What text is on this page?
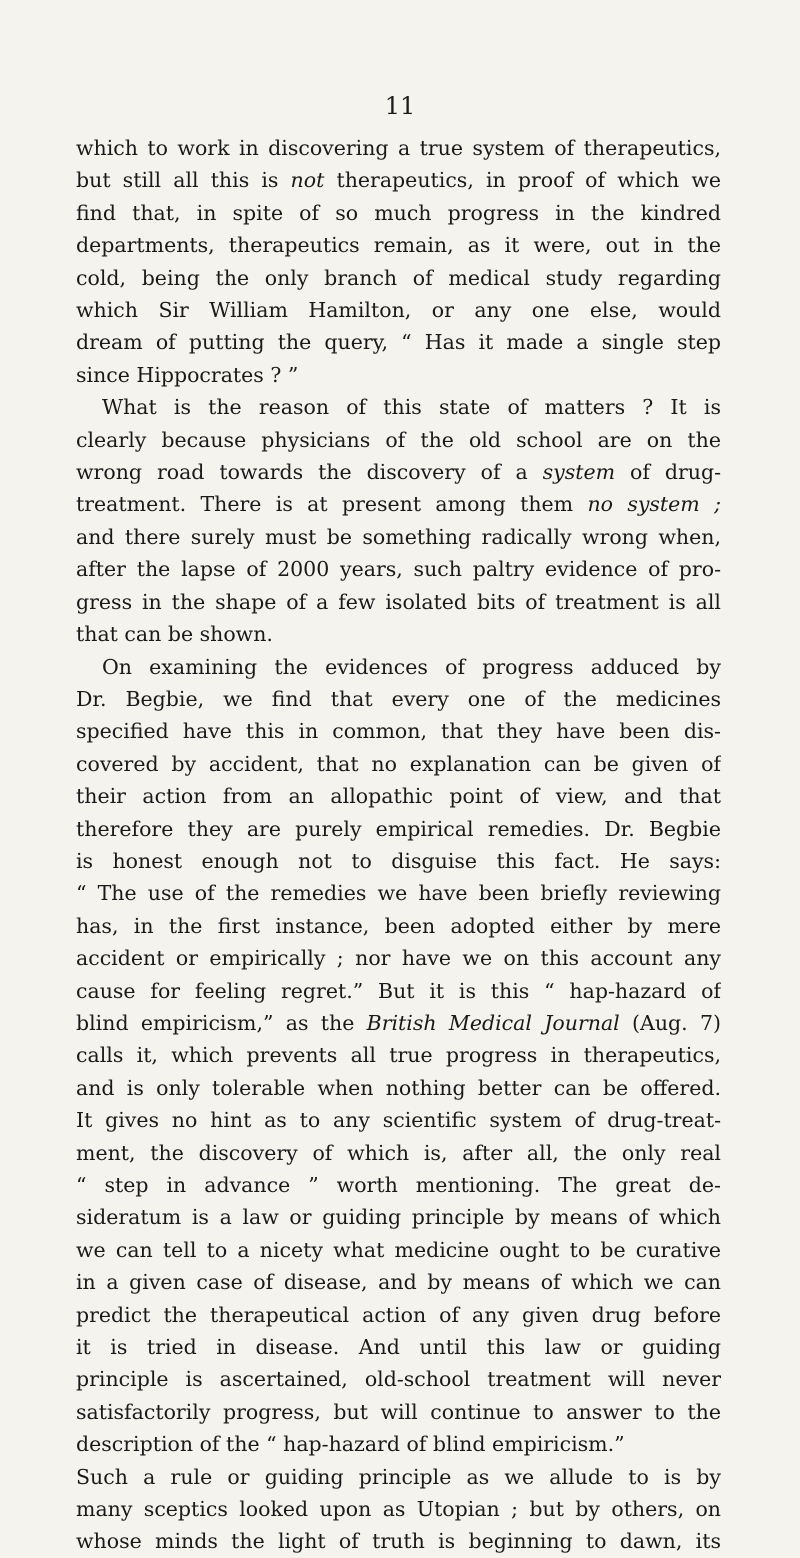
11
which to work in discovering a true system of therapeutics,
but still all this is not therapeutics, in proof of which we
find that, in spite of so much progress in the kindred
departments, therapeutics remain, as it were, out in the
cold, being the only branch of medical study regarding
which Sir William Hamilton, or any one else, would
dream of putting the query, “ Has it made a single step
since Hippocrates ? ”
What is the reason of this state of matters ? It is
clearly because physicians of the old school are on the
wrong road towards the discovery of a system of drug-
treatment. There is at present among them no system ;
and there surely must be something radically wrong when,
after the lapse of 2000 years, such paltry evidence of pro-
gress in the shape of a few isolated bits of treatment is all
that can be shown.
On examining the evidences of progress adduced by
Dr. Begbie, we find that every one of the medicines
specified have this in common, that they have been dis-
covered by accident, that no explanation can be given of
their action from an allopathic point of view, and that
therefore they are purely empirical remedies. Dr. Begbie
is honest enough not to disguise this fact. He says:
“ The use of the remedies we have been briefly reviewing
has, in the first instance, been adopted either by mere
accident or empirically ; nor have we on this account any
cause for feeling regret.” But it is this “ hap-hazard of
blind empiricism,” as the British Medical Journal (Aug. 7)
calls it, which prevents all true progress in therapeutics,
and is only tolerable when nothing better can be offered.
It gives no hint as to any scientific system of drug-treat-
ment, the discovery of which is, after all, the only real
“ step in advance ” worth mentioning. The great de-
sideratum is a law or guiding principle by means of which
we can tell to a nicety what medicine ought to be curative
in a given case of disease, and by means of which we can
predict the therapeutical action of any given drug before
it is tried in disease. And until this law or guiding
principle is ascertained, old-school treatment will never
satisfactorily progress, but will continue to answer to the
description of the “ hap-hazard of blind empiricism.”
Such a rule or guiding principle as we allude to is by
many sceptics looked upon as Utopian ; but by others, on
whose minds the light of truth is beginning to dawn, its
